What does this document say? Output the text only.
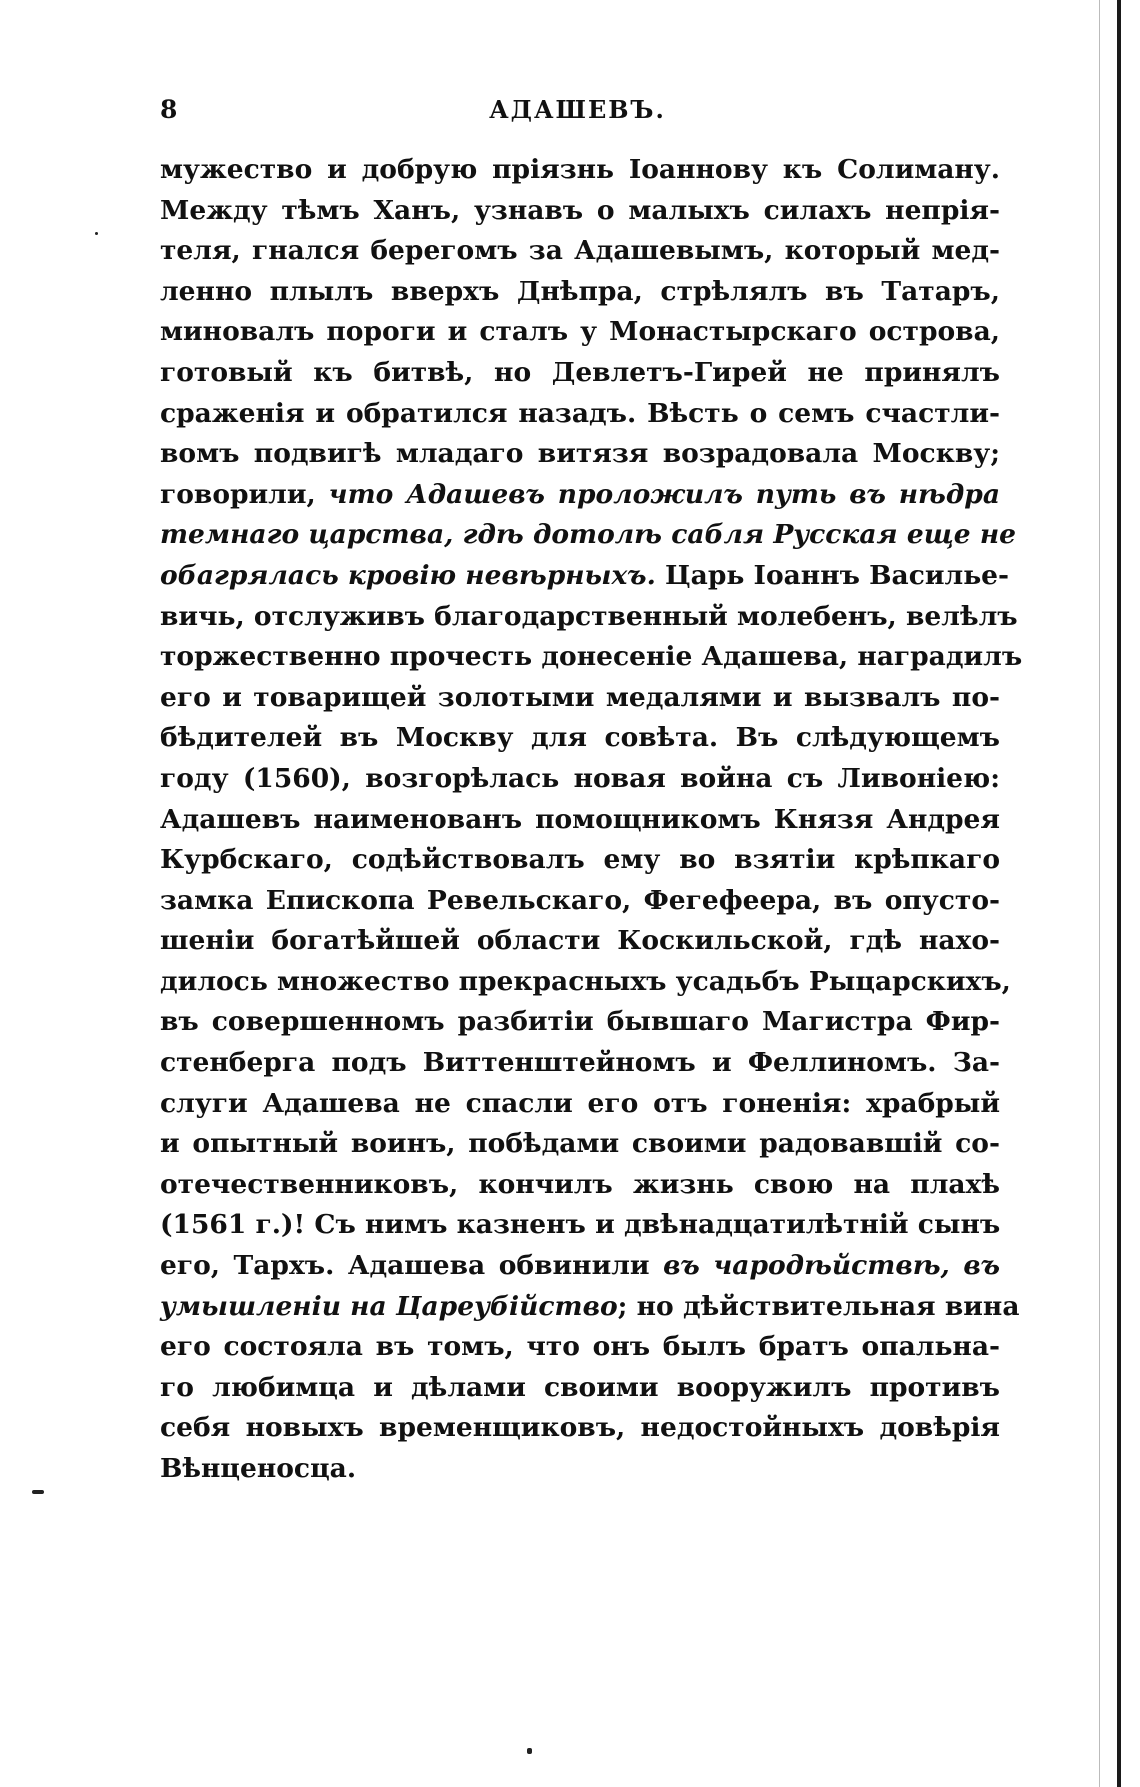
8	АДАШЕВЪ.
мужество и добрую пріязнь Іоаннову къ Солиману.
Между тѣмъ Ханъ, узнавъ о малыхъ силахъ непрія-
теля, гнался берегомъ за Адашевымъ, который мед-
ленно плылъ вверхъ Днѣпра, стрѣлялъ въ Татаръ,
миновалъ пороги и сталъ у Монастырскаго острова,
готовый къ битвѣ, но Девлетъ-Гирей не принялъ
сраженія и обратился назадъ. Вѣсть о семъ счастли-
вомъ подвигѣ младаго витязя возрадовала Москву;
говорили, что Адашевъ проложилъ путь въ нѣдра
темнаго царства, гдѣ дотолѣ сабля Русская еще не
обагрялась кровію невѣрныхъ. Царь Іоаннъ Василье-
вичь, отслуживъ благодарственный молебенъ, велѣлъ
торжественно прочесть донесеніе Адашева, наградилъ
его и товарищей золотыми медалями и вызвалъ по-
бѣдителей въ Москву для совѣта. Въ слѣдующемъ
году (1560), возгорѣлась новая война съ Ливоніею:
Адашевъ наименованъ помощникомъ Князя Андрея
Курбскаго, содѣйствовалъ ему во взятіи крѣпкаго
замка Епископа Ревельскаго, Фегефеера, въ опусто-
шеніи богатѣйшей области Коскильской, гдѣ нахо-
дилось множество прекрасныхъ усадьбъ Рыцарскихъ,
въ совершенномъ разбитіи бывшаго Магистра Фир-
стенберга подъ Виттенштейномъ и Феллиномъ. За-
слуги Адашева не спасли его отъ гоненія: храбрый
и опытный воинъ, побѣдами своими радовавшій со-
отечественниковъ, кончилъ жизнь свою на плахѣ
(1561 г.)! Съ нимъ казненъ и двѣнадцатилѣтній сынъ
его, Тархъ. Адашева обвинили въ чародѣйствѣ, въ
умышленіи на Цареубійство; но дѣйствительная вина
его состояла въ томъ, что онъ былъ братъ опальна-
го любимца и дѣлами своими вооружилъ противъ
себя новыхъ временщиковъ, недостойныхъ довѣрія
Вѣнценосца.
